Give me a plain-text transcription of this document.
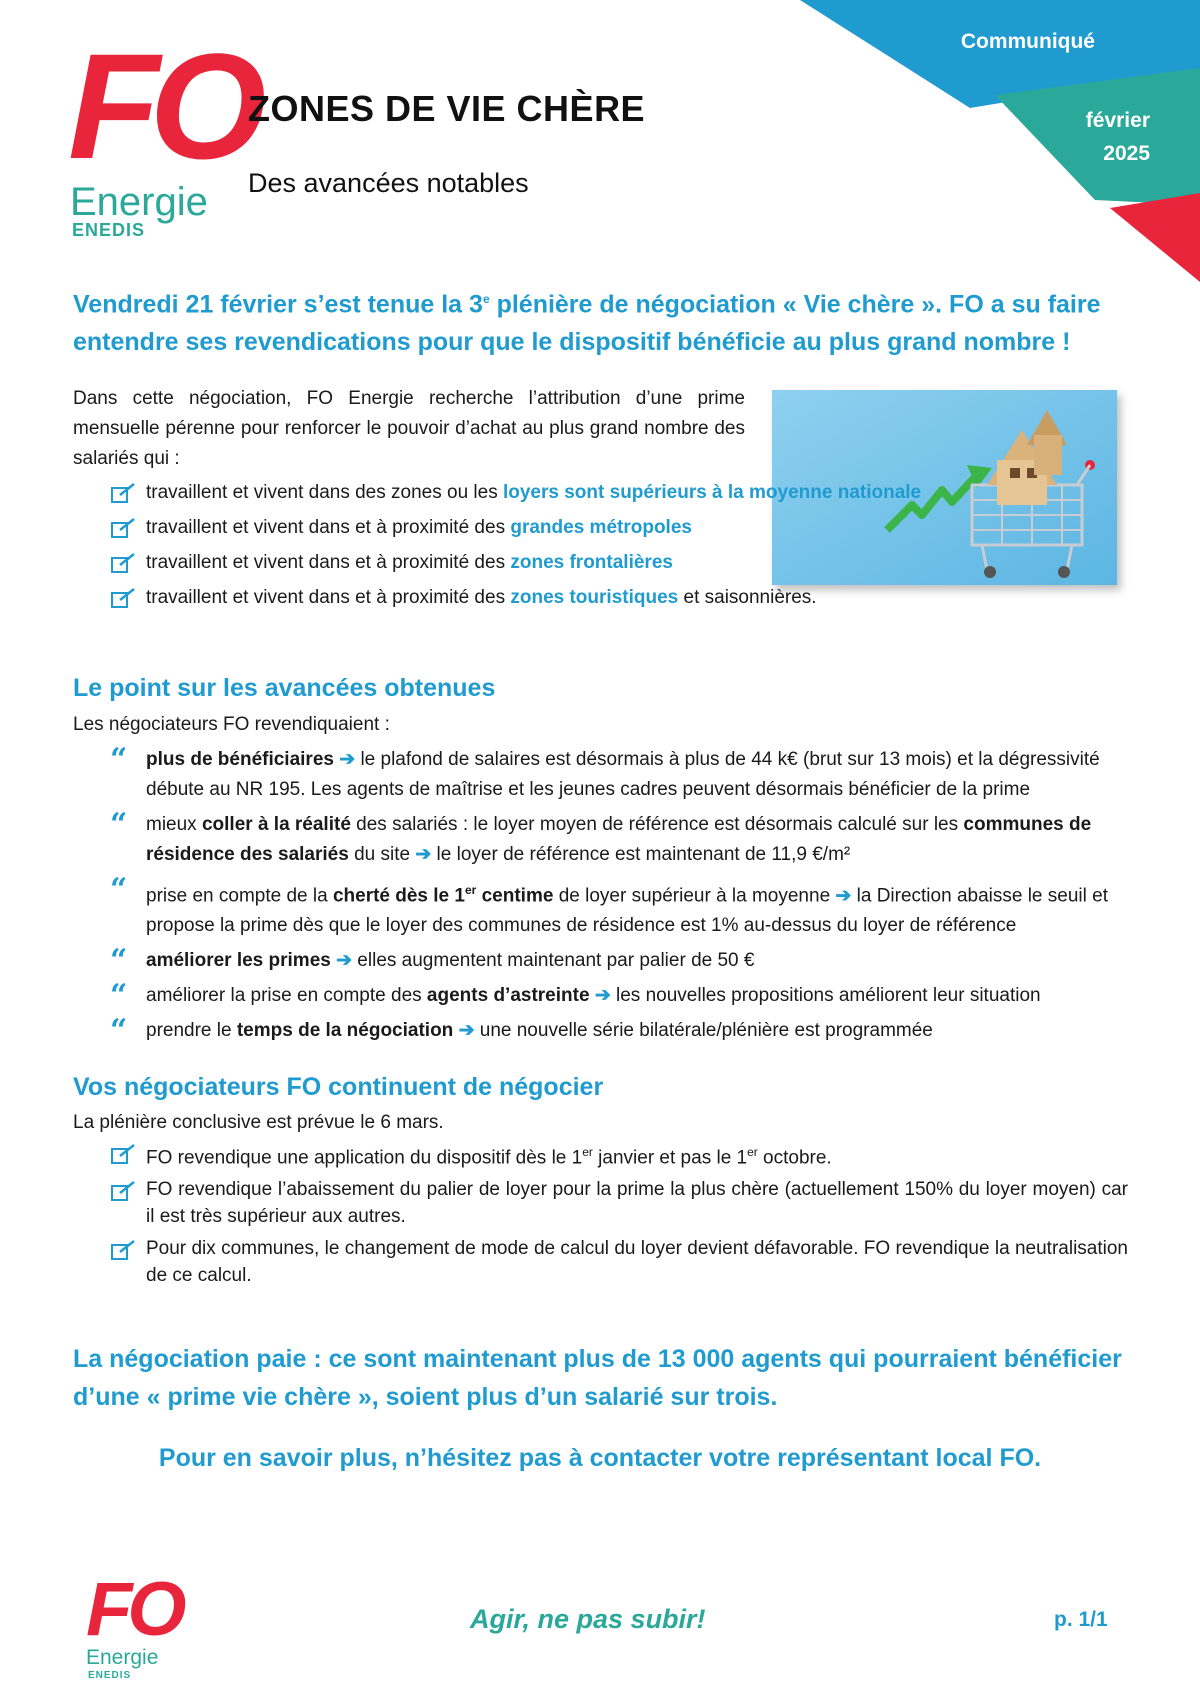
Communiqué
février
2025
FO
Energie
ENEDIS
ZONES DE VIE CHÈRE
Des avancées notables
Vendredi 21 février s’est tenue la 3e plénière de négociation « Vie chère ». FO a su faire entendre ses revendications pour que le dispositif bénéficie au plus grand nombre !
Dans cette négociation, FO Energie recherche l’attribution d’une prime mensuelle pérenne pour renforcer le pouvoir d’achat au plus grand nombre des salariés qui :
travaillent et vivent dans des zones ou les loyers sont supérieurs à la moyenne nationale
travaillent et vivent dans et à proximité des grandes métropoles
travaillent et vivent dans et à proximité des zones frontalières
travaillent et vivent dans et à proximité des zones touristiques et saisonnières.
Le point sur les avancées obtenues
Les négociateurs FO revendiquaient :
“ plus de bénéficiaires ➔ le plafond de salaires est désormais à plus de 44 k€ (brut sur 13 mois) et la dégressivité débute au NR 195. Les agents de maîtrise et les jeunes cadres peuvent désormais bénéficier de la prime
“ mieux coller à la réalité des salariés : le loyer moyen de référence est désormais calculé sur les communes de résidence des salariés du site ➔ le loyer de référence est maintenant de 11,9 €/m²
“ prise en compte de la cherté dès le 1er centime de loyer supérieur à la moyenne ➔ la Direction abaisse le seuil et propose la prime dès que le loyer des communes de résidence est 1% au-dessus du loyer de référence
“ améliorer les primes ➔ elles augmentent maintenant par palier de 50 €
“ améliorer la prise en compte des agents d’astreinte ➔ les nouvelles propositions améliorent leur situation
“ prendre le temps de la négociation ➔ une nouvelle série bilatérale/plénière est programmée
Vos négociateurs FO continuent de négocier
La plénière conclusive est prévue le 6 mars.
FO revendique une application du dispositif dès le 1er janvier et pas le 1er octobre.
FO revendique l’abaissement du palier de loyer pour la prime la plus chère (actuellement 150% du loyer moyen) car il est très supérieur aux autres.
Pour dix communes, le changement de mode de calcul du loyer devient défavorable. FO revendique la neutralisation de ce calcul.
La négociation paie : ce sont maintenant plus de 13 000 agents qui pourraient bénéficier d’une « prime vie chère », soient plus d’un salarié sur trois.
Pour en savoir plus, n’hésitez pas à contacter votre représentant local FO.
FO
Energie
ENEDIS
Agir, ne pas subir!	p. 1/1
